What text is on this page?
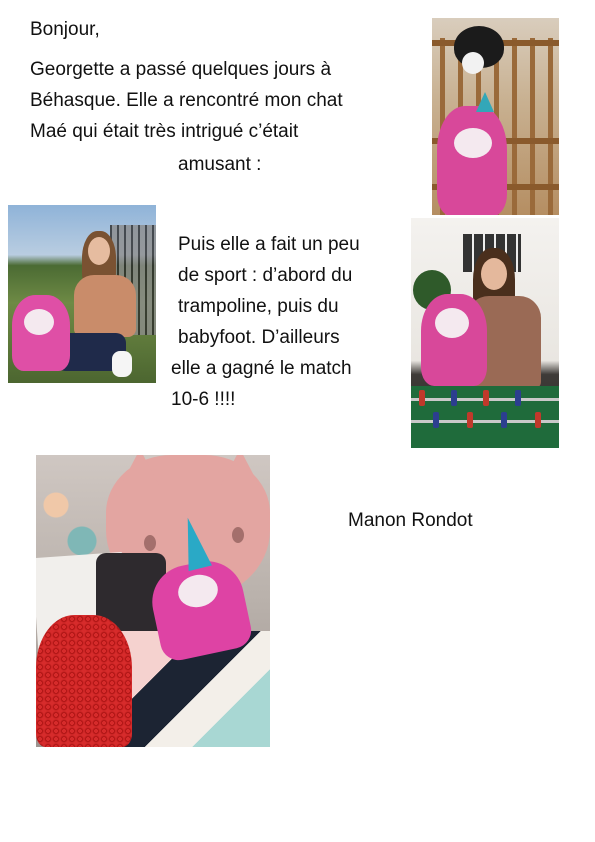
Bonjour,

Georgette a passé quelques jours à

Béhasque. Elle a rencontré mon chat

Maé qui était très intrigué c’était

amusant :

Puis elle a fait un peu

de sport : d’abord du

trampoline, puis du

babyfoot. D’ailleurs

elle a gagné le match

10-6 !!!!

Manon Rondot
